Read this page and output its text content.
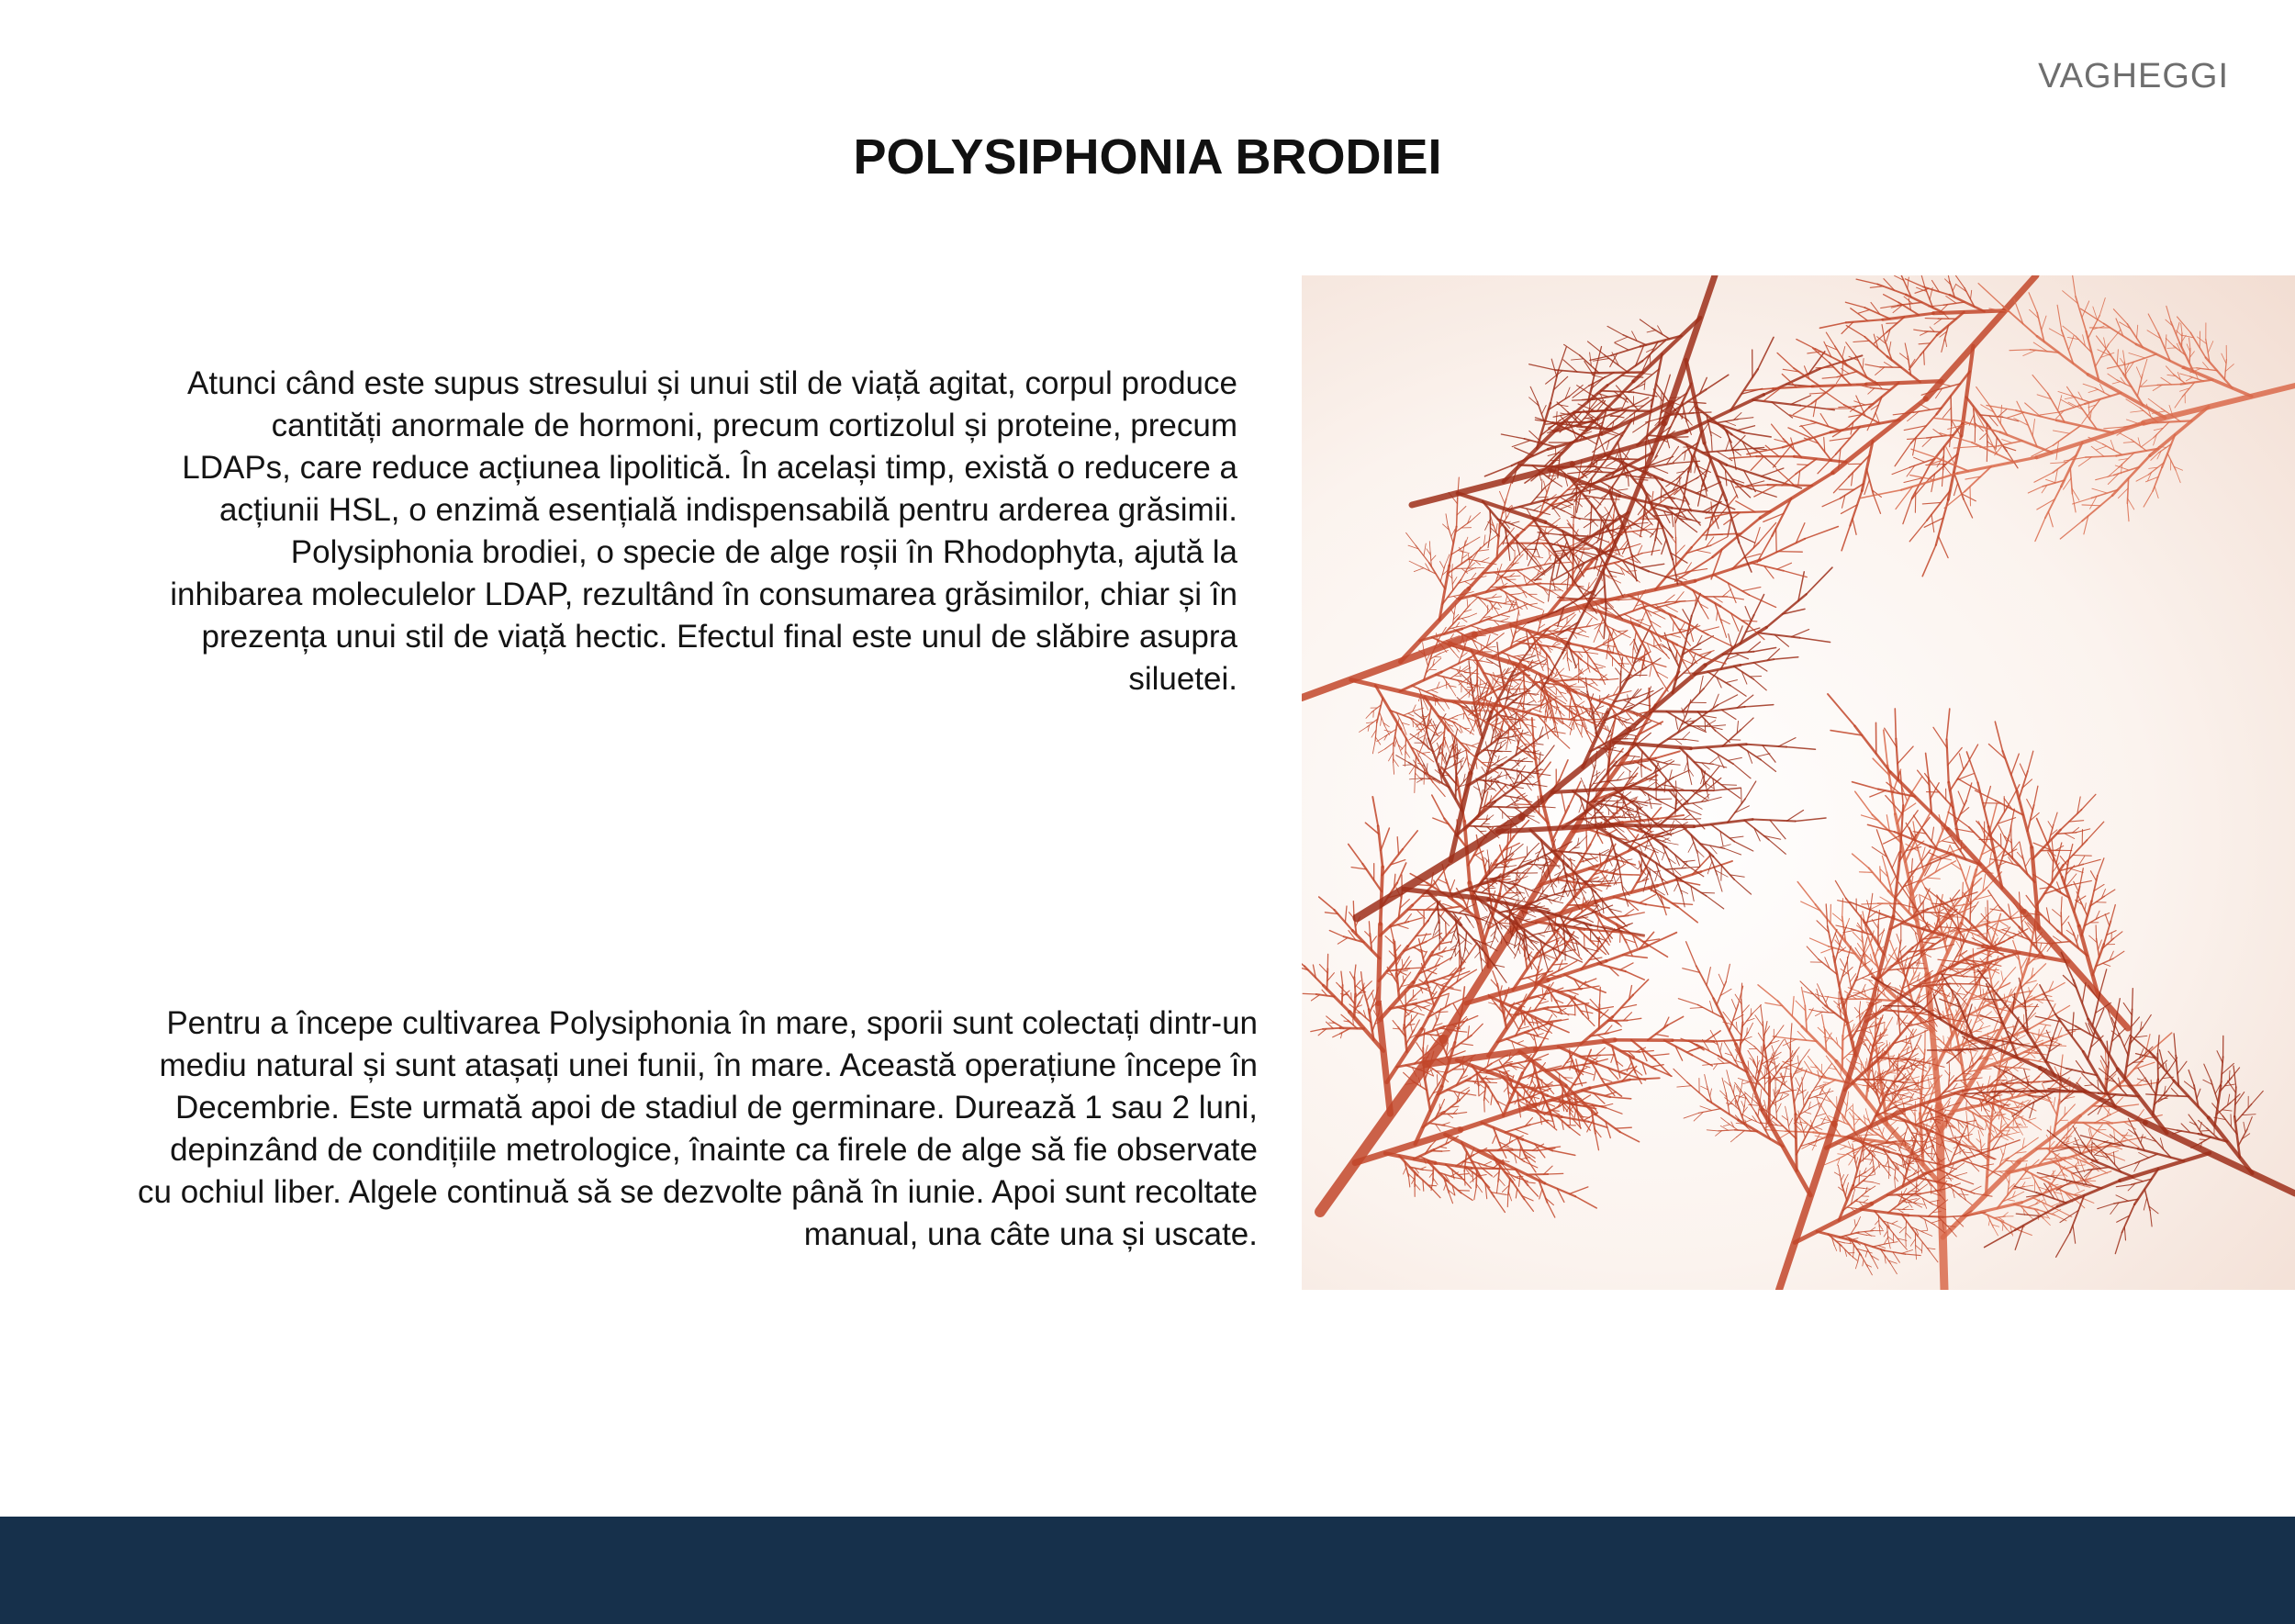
VAGHEGGI
POLYSIPHONIA BRODIEI

Atunci când este supus stresului și unui stil de viață agitat, corpul produce cantități anormale de hormoni, precum cortizolul și proteine, precum LDAPs, care reduce acțiunea lipolitică. În același timp, există o reducere a acțiunii HSL, o enzimă esențială indispensabilă pentru arderea grăsimii. Polysiphonia brodiei, o specie de alge roșii în Rhodophyta, ajută la inhibarea moleculelor LDAP, rezultând în consumarea grăsimilor, chiar și în prezența unui stil de viață hectic. Efectul final este unul de slăbire asupra siluetei.

Pentru a începe cultivarea Polysiphonia în mare, sporii sunt colectați dintr-un mediu natural și sunt atașați unei funii, în mare. Această operațiune începe în Decembrie. Este urmată apoi de stadiul de germinare. Durează 1 sau 2 luni, depinzând de condițiile metrologice, înainte ca firele de alge să fie observate cu ochiul liber. Algele continuă să se dezvolte până în iunie. Apoi sunt recoltate manual, una câte una și uscate.
